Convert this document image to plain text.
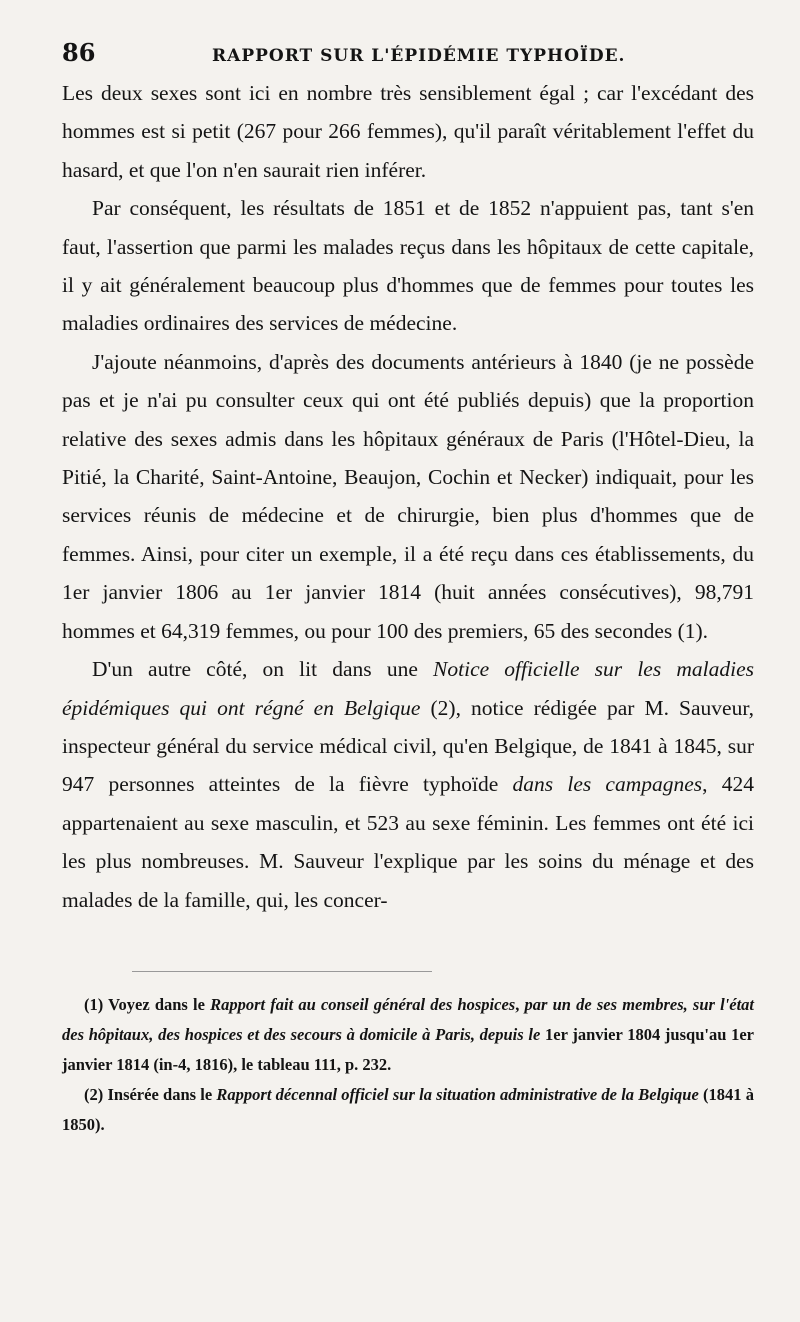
86	RAPPORT SUR L'ÉPIDÉMIE TYPHOÏDE.

Les deux sexes sont ici en nombre très sensiblement égal ; car l'excédant des hommes est si petit (267 pour 266 femmes), qu'il paraît véritablement l'effet du hasard, et que l'on n'en saurait rien inférer.

Par conséquent, les résultats de 1851 et de 1852 n'appuient pas, tant s'en faut, l'assertion que parmi les malades reçus dans les hôpitaux de cette capitale, il y ait généralement beaucoup plus d'hommes que de femmes pour toutes les maladies ordinaires des services de médecine.

J'ajoute néanmoins, d'après des documents antérieurs à 1840 (je ne possède pas et je n'ai pu consulter ceux qui ont été publiés depuis) que la proportion relative des sexes admis dans les hôpitaux généraux de Paris (l'Hôtel-Dieu, la Pitié, la Charité, Saint-Antoine, Beaujon, Cochin et Necker) indiquait, pour les services réunis de médecine et de chirurgie, bien plus d'hommes que de femmes. Ainsi, pour citer un exemple, il a été reçu dans ces établissements, du 1er janvier 1806 au 1er janvier 1814 (huit années consécutives), 98,791 hommes et 64,319 femmes, ou pour 100 des premiers, 65 des secondes (1).

D'un autre côté, on lit dans une Notice officielle sur les maladies épidémiques qui ont régné en Belgique (2), notice rédigée par M. Sauveur, inspecteur général du service médical civil, qu'en Belgique, de 1841 à 1845, sur 947 personnes atteintes de la fièvre typhoïde dans les campagnes, 424 appartenaient au sexe masculin, et 523 au sexe féminin. Les femmes ont été ici les plus nombreuses. M. Sauveur l'explique par les soins du ménage et des malades de la famille, qui, les concer-

(1) Voyez dans le Rapport fait au conseil général des hospices, par un de ses membres, sur l'état des hôpitaux, des hospices et des secours à domicile à Paris, depuis le 1er janvier 1804 jusqu'au 1er janvier 1814 (in-4, 1816), le tableau 111, p. 232.

(2) Insérée dans le Rapport décennal officiel sur la situation administrative de la Belgique (1841 à 1850).
